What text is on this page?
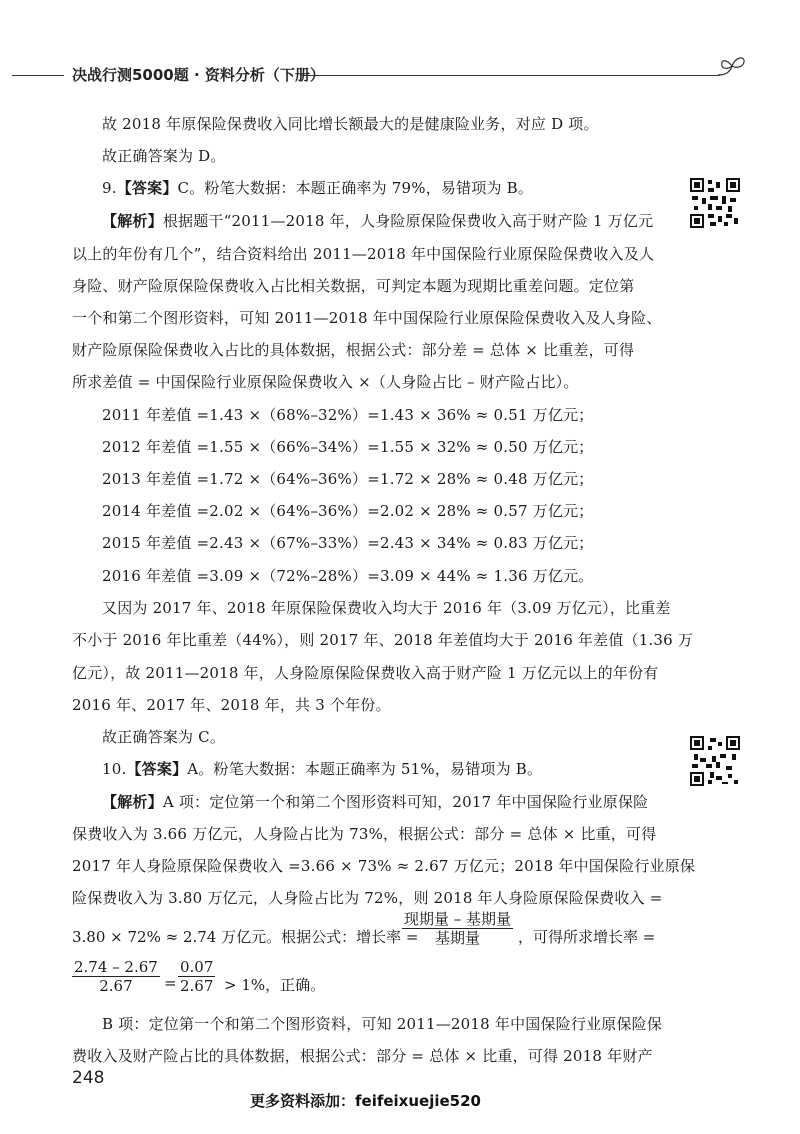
决战行测5000题 · 资料分析（下册）
故 2018 年原保险保费收入同比增长额最大的是健康险业务，对应 D 项。
故正确答案为 D。
9.【答案】C。粉笔大数据：本题正确率为 79%，易错项为 B。
【解析】根据题干“2011—2018 年，人身险原保险保费收入高于财产险 1 万亿元
以上的年份有几个”，结合资料给出 2011—2018 年中国保险行业原保险保费收入及人
身险、财产险原保险保费收入占比相关数据，可判定本题为现期比重差问题。定位第
一个和第二个图形资料，可知 2011—2018 年中国保险行业原保险保费收入及人身险、
财产险原保险保费收入占比的具体数据，根据公式：部分差 = 总体 × 比重差，可得
所求差值 = 中国保险行业原保险保费收入 ×（人身险占比 – 财产险占比）。
2011 年差值 =1.43 ×（68%–32%）=1.43 × 36% ≈ 0.51 万亿元；
2012 年差值 =1.55 ×（66%–34%）=1.55 × 32% ≈ 0.50 万亿元；
2013 年差值 =1.72 ×（64%–36%）=1.72 × 28% ≈ 0.48 万亿元；
2014 年差值 =2.02 ×（64%–36%）=2.02 × 28% ≈ 0.57 万亿元；
2015 年差值 =2.43 ×（67%–33%）=2.43 × 34% ≈ 0.83 万亿元；
2016 年差值 =3.09 ×（72%–28%）=3.09 × 44% ≈ 1.36 万亿元。
又因为 2017 年、2018 年原保险保费收入均大于 2016 年（3.09 万亿元），比重差
不小于 2016 年比重差（44%），则 2017 年、2018 年差值均大于 2016 年差值（1.36 万
亿元），故 2011—2018 年，人身险原保险保费收入高于财产险 1 万亿元以上的年份有
2016 年、2017 年、2018 年，共 3 个年份。
故正确答案为 C。
10.【答案】A。粉笔大数据：本题正确率为 51%，易错项为 B。
【解析】A 项：定位第一个和第二个图形资料可知，2017 年中国保险行业原保险
保费收入为 3.66 万亿元，人身险占比为 73%，根据公式：部分 = 总体 × 比重，可得
2017 年人身险原保险保费收入 =3.66 × 73% ≈ 2.67 万亿元；2018 年中国保险行业原保
险保费收入为 3.80 万亿元，人身险占比为 72%，则 2018 年人身险原保险保费收入 =
3.80 × 72% ≈ 2.74 万亿元。根据公式：增长率 =
现期量 – 基期量
基期量	，可得所求增长率 =
$\frac{2.74 - 2.67}{2.67} = \frac{0.07}{2.67} > 1\%$，正确。
B 项：定位第一个和第二个图形资料，可知 2011—2018 年中国保险行业原保险保
费收入及财产险占比的具体数据，根据公式：部分 = 总体 × 比重，可得 2018 年财产
248
更多资料添加：feifeixuejie520
